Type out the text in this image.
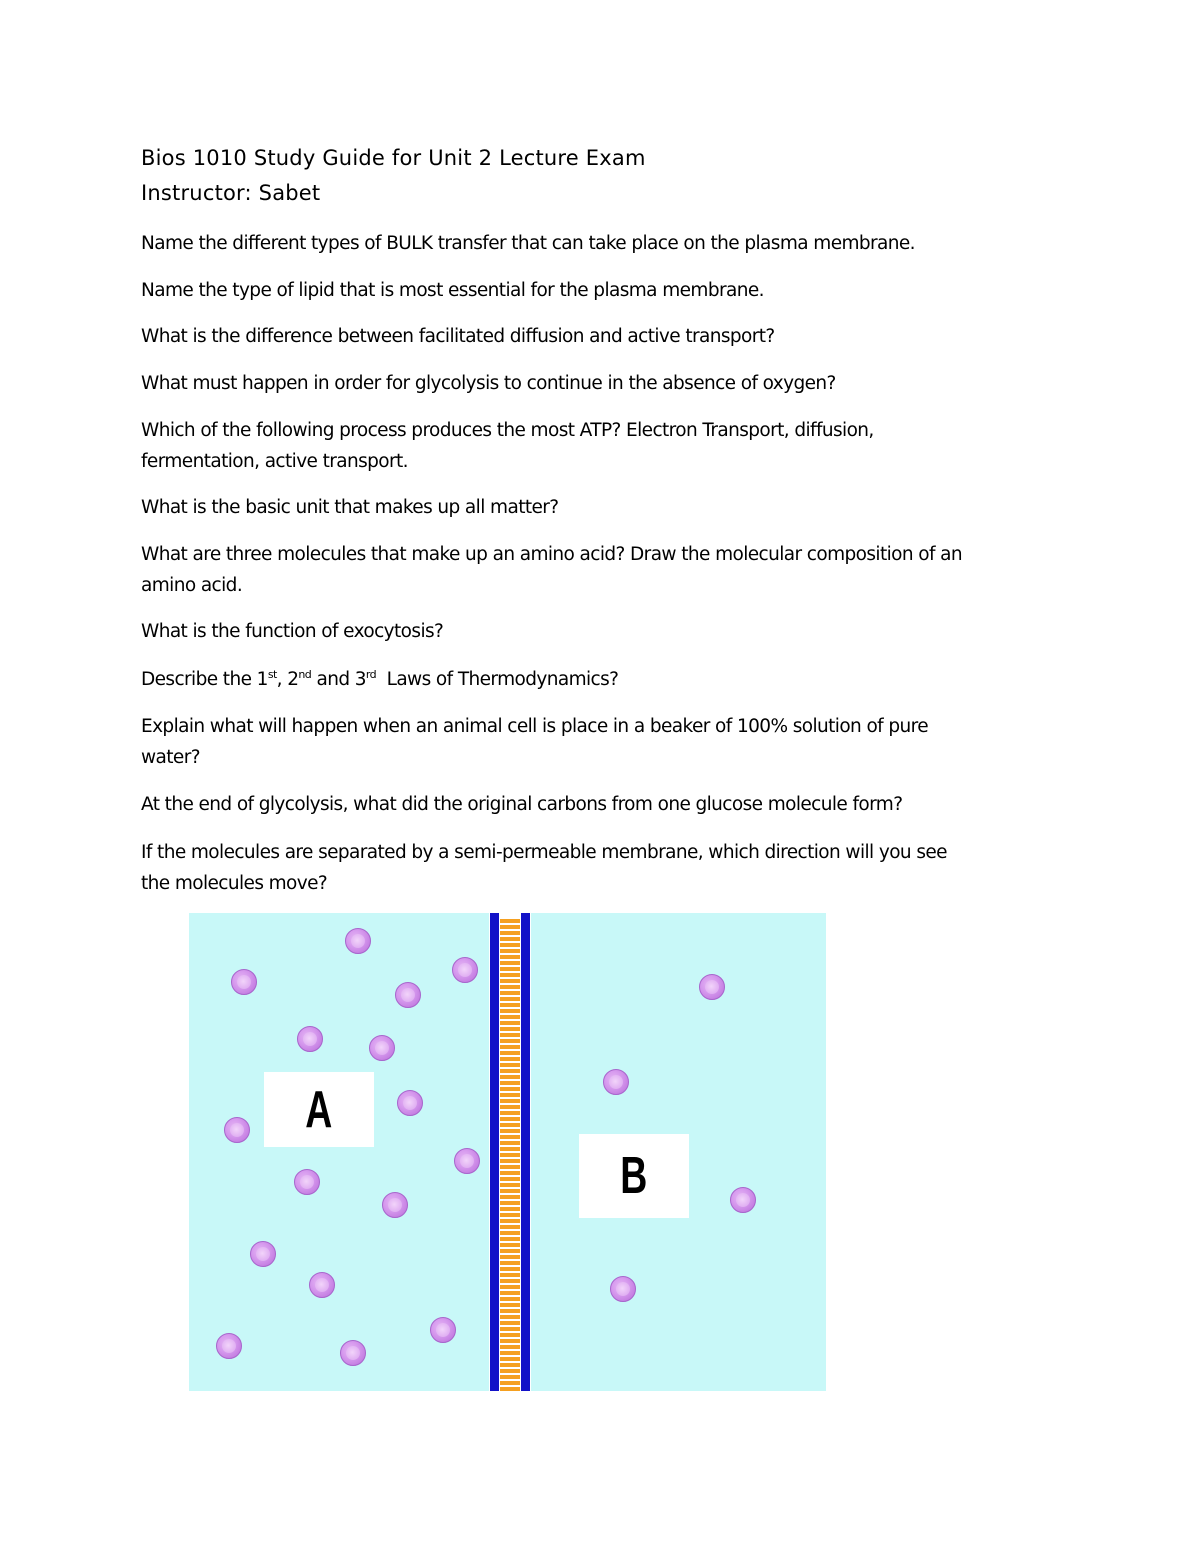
Bios 1010 Study Guide for Unit 2 Lecture Exam
Instructor: Sabet
Name the different types of BULK transfer that can take place on the plasma membrane.
Name the type of lipid that is most essential for the plasma membrane.
What is the difference between facilitated diffusion and active transport?
What must happen in order for glycolysis to continue in the absence of oxygen?
Which of the following process produces the most ATP? Electron Transport, diffusion,
fermentation, active transport.
What is the basic unit that makes up all matter?
What are three molecules that make up an amino acid? Draw the molecular composition of an
amino acid.
What is the function of exocytosis?
Describe the 1st, 2nd and 3rd  Laws of Thermodynamics?
Explain what will happen when an animal cell is place in a beaker of 100% solution of pure
water?
At the end of glycolysis, what did the original carbons from one glucose molecule form?
If the molecules are separated by a semi-permeable membrane, which direction will you see
the molecules move?
A
B
